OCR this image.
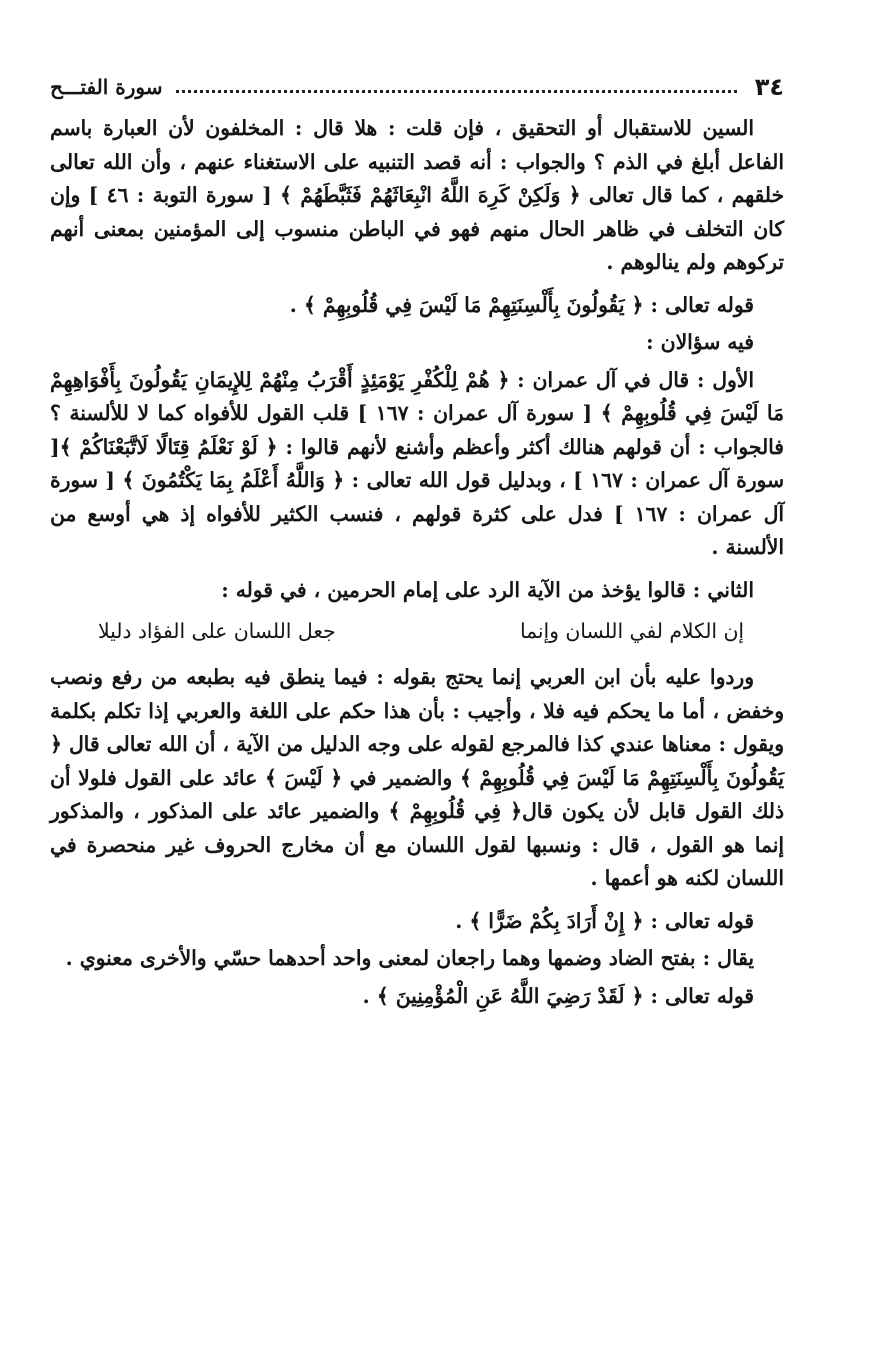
٣٤
سورة الفتـــح

السين للاستقبال أو التحقيق ، فإن قلت : هلا قال : المخلفون لأن العبارة باسم الفاعل أبلغ في الذم ؟ والجواب : أنه قصد التنبيه على الاستغناء عنهم ، وأن الله تعالى خلقهم ، كما قال تعالى ﴿ وَلَكِنْ كَرِهَ اللَّهُ انْبِعَاثَهُمْ فَثَبَّطَهُمْ ﴾ [ سورة التوبة : ٤٦ ] وإن كان التخلف في ظاهر الحال منهم فهو في الباطن منسوب إلى المؤمنين بمعنى أنهم تركوهم ولم ينالوهم .

قوله تعالى : ﴿ يَقُولُونَ بِأَلْسِنَتِهِمْ مَا لَيْسَ فِي قُلُوبِهِمْ ﴾ .

فيه سؤالان :

الأول : قال في آل عمران : ﴿ هُمْ لِلْكُفْرِ يَوْمَئِذٍ أَقْرَبُ مِنْهُمْ لِلإِيمَانِ يَقُولُونَ بِأَفْوَاهِهِمْ مَا لَيْسَ فِي قُلُوبِهِمْ ﴾ [ سورة آل عمران : ١٦٧ ] قلب القول للأفواه كما لا للألسنة ؟ فالجواب : أن قولهم هنالك أكثر وأعظم وأشنع لأنهم قالوا : ﴿ لَوْ نَعْلَمُ قِتَالًا لَاتَّبَعْنَاكُمْ ﴾[ سورة آل عمران : ١٦٧ ] ، وبدليل قول الله تعالى : ﴿ وَاللَّهُ أَعْلَمُ بِمَا يَكْتُمُونَ ﴾ [ سورة آل عمران : ١٦٧ ] فدل على كثرة قولهم ، فنسب الكثير للأفواه إذ هي أوسع من الألسنة .

الثاني : قالوا يؤخذ من الآية الرد على إمام الحرمين ، في قوله :

إن الكلام لفي اللسان وإنما
جعل اللسان على الفؤاد دليلا

وردوا عليه بأن ابن العربي إنما يحتج بقوله : فيما ينطق فيه بطبعه من رفع ونصب وخفض ، أما ما يحكم فيه فلا ، وأجيب : بأن هذا حكم على اللغة والعربي إذا تكلم بكلمة ويقول : معناها عندي كذا فالمرجع لقوله على وجه الدليل من الآية ، أن الله تعالى قال ﴿ يَقُولُونَ بِأَلْسِنَتِهِمْ مَا لَيْسَ فِي قُلُوبِهِمْ ﴾ والضمير في ﴿ لَيْسَ ﴾ عائد على القول فلولا أن ذلك القول قابل لأن يكون قال﴿ فِي قُلُوبِهِمْ ﴾ والضمير عائد على المذكور ، والمذكور إنما هو القول ، قال : ونسبها لقول اللسان مع أن مخارج الحروف غير منحصرة في اللسان لكنه هو أعمها .

قوله تعالى : ﴿ إِنْ أَرَادَ بِكُمْ ضَرًّا ﴾ .

يقال : بفتح الضاد وضمها وهما راجعان لمعنى واحد أحدهما حسّي والأخرى معنوي .

قوله تعالى : ﴿ لَقَدْ رَضِيَ اللَّهُ عَنِ الْمُؤْمِنِينَ ﴾ .
